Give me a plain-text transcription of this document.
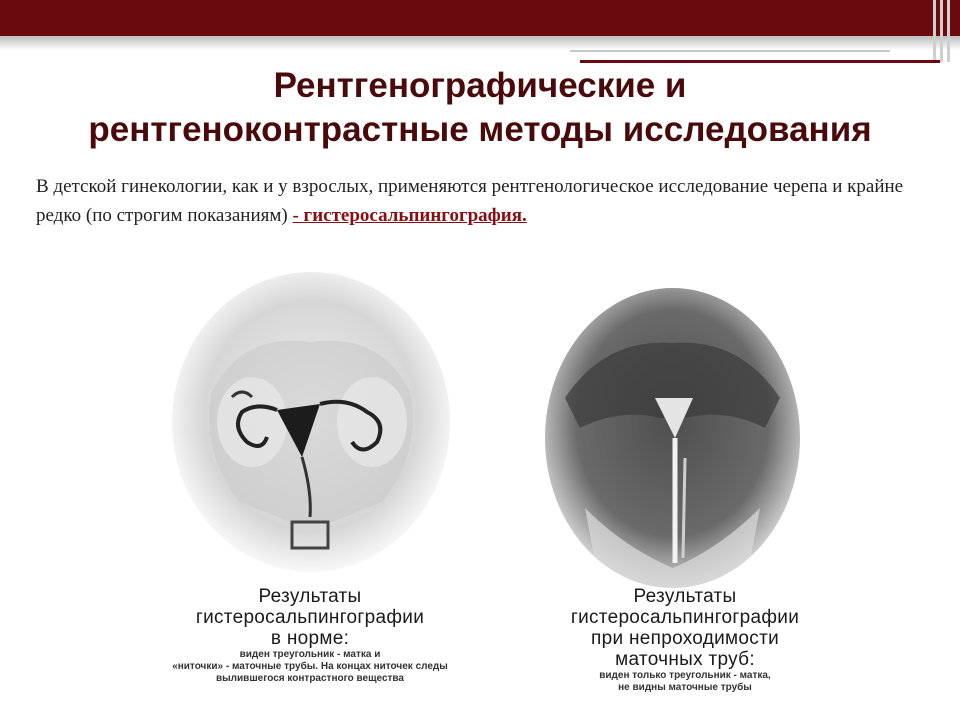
Рентгенографические и
рентгеноконтрастные методы исследования
В детской гинекологии, как и у взрослых, применяются рентгенологическое исследование черепа и крайне редко (по строгим показаниям) - гистеросальпингография.
Результаты
гистеросальпингографии
в норме:
виден треугольник - матка и
«ниточки» - маточные трубы. На концах ниточек следы
вылившегося контрастного вещества
Результаты
гистеросальпингографии
при непроходимости
маточных труб:
виден только треугольник - матка,
не видны маточные трубы
